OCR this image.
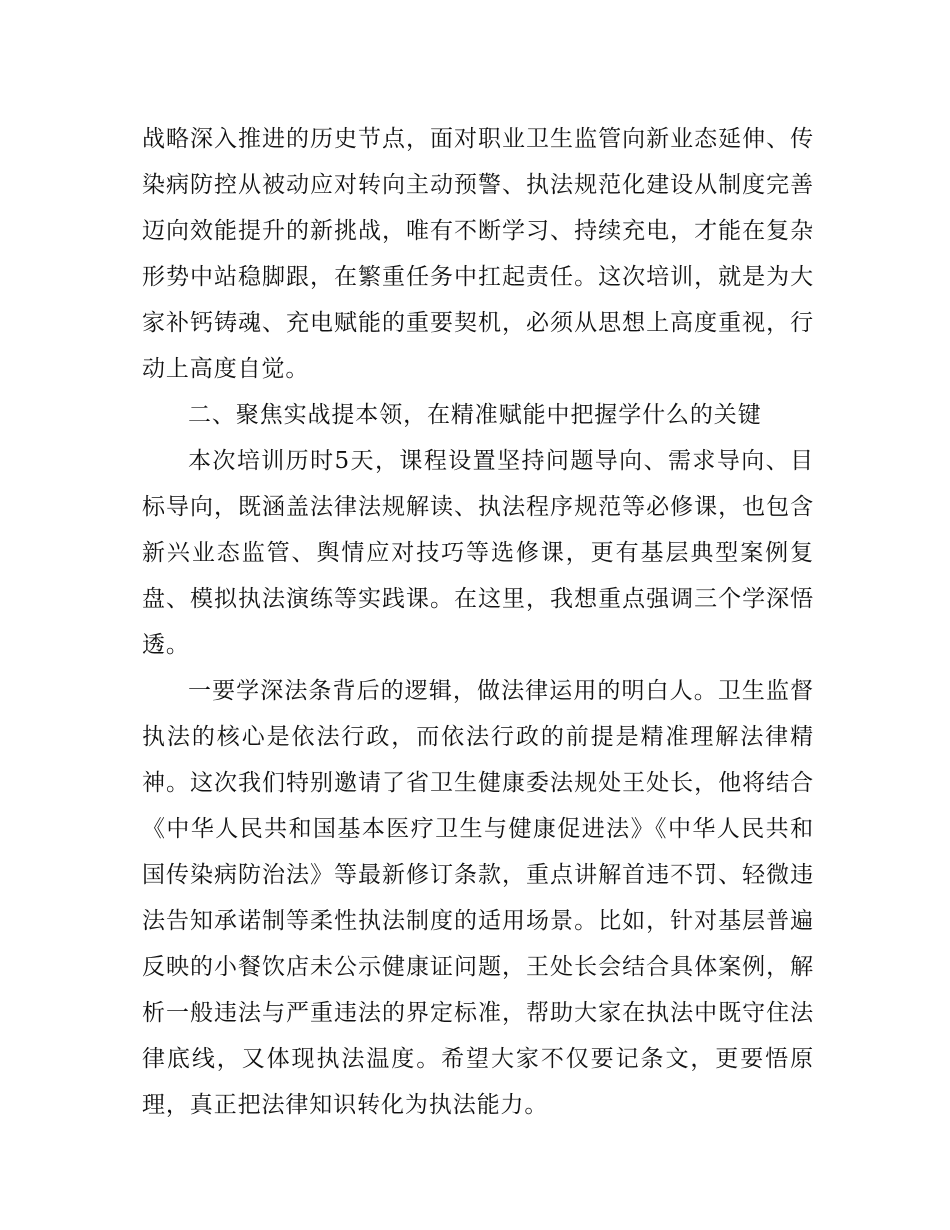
战略深入推进的历史节点，面对职业卫生监管向新业态延伸、传染病防控从被动应对转向主动预警、执法规范化建设从制度完善迈向效能提升的新挑战，唯有不断学习、持续充电，才能在复杂形势中站稳脚跟，在繁重任务中扛起责任。这次培训，就是为大家补钙铸魂、充电赋能的重要契机，必须从思想上高度重视，行动上高度自觉。

二、聚焦实战提本领，在精准赋能中把握学什么的关键

本次培训历时5天，课程设置坚持问题导向、需求导向、目标导向，既涵盖法律法规解读、执法程序规范等必修课，也包含新兴业态监管、舆情应对技巧等选修课，更有基层典型案例复盘、模拟执法演练等实践课。在这里，我想重点强调三个学深悟透。

一要学深法条背后的逻辑，做法律运用的明白人。卫生监督执法的核心是依法行政，而依法行政的前提是精准理解法律精神。这次我们特别邀请了省卫生健康委法规处王处长，他将结合《中华人民共和国基本医疗卫生与健康促进法》《中华人民共和国传染病防治法》等最新修订条款，重点讲解首违不罚、轻微违法告知承诺制等柔性执法制度的适用场景。比如，针对基层普遍反映的小餐饮店未公示健康证问题，王处长会结合具体案例，解析一般违法与严重违法的界定标准，帮助大家在执法中既守住法律底线，又体现执法温度。希望大家不仅要记条文，更要悟原理，真正把法律知识转化为执法能力。
